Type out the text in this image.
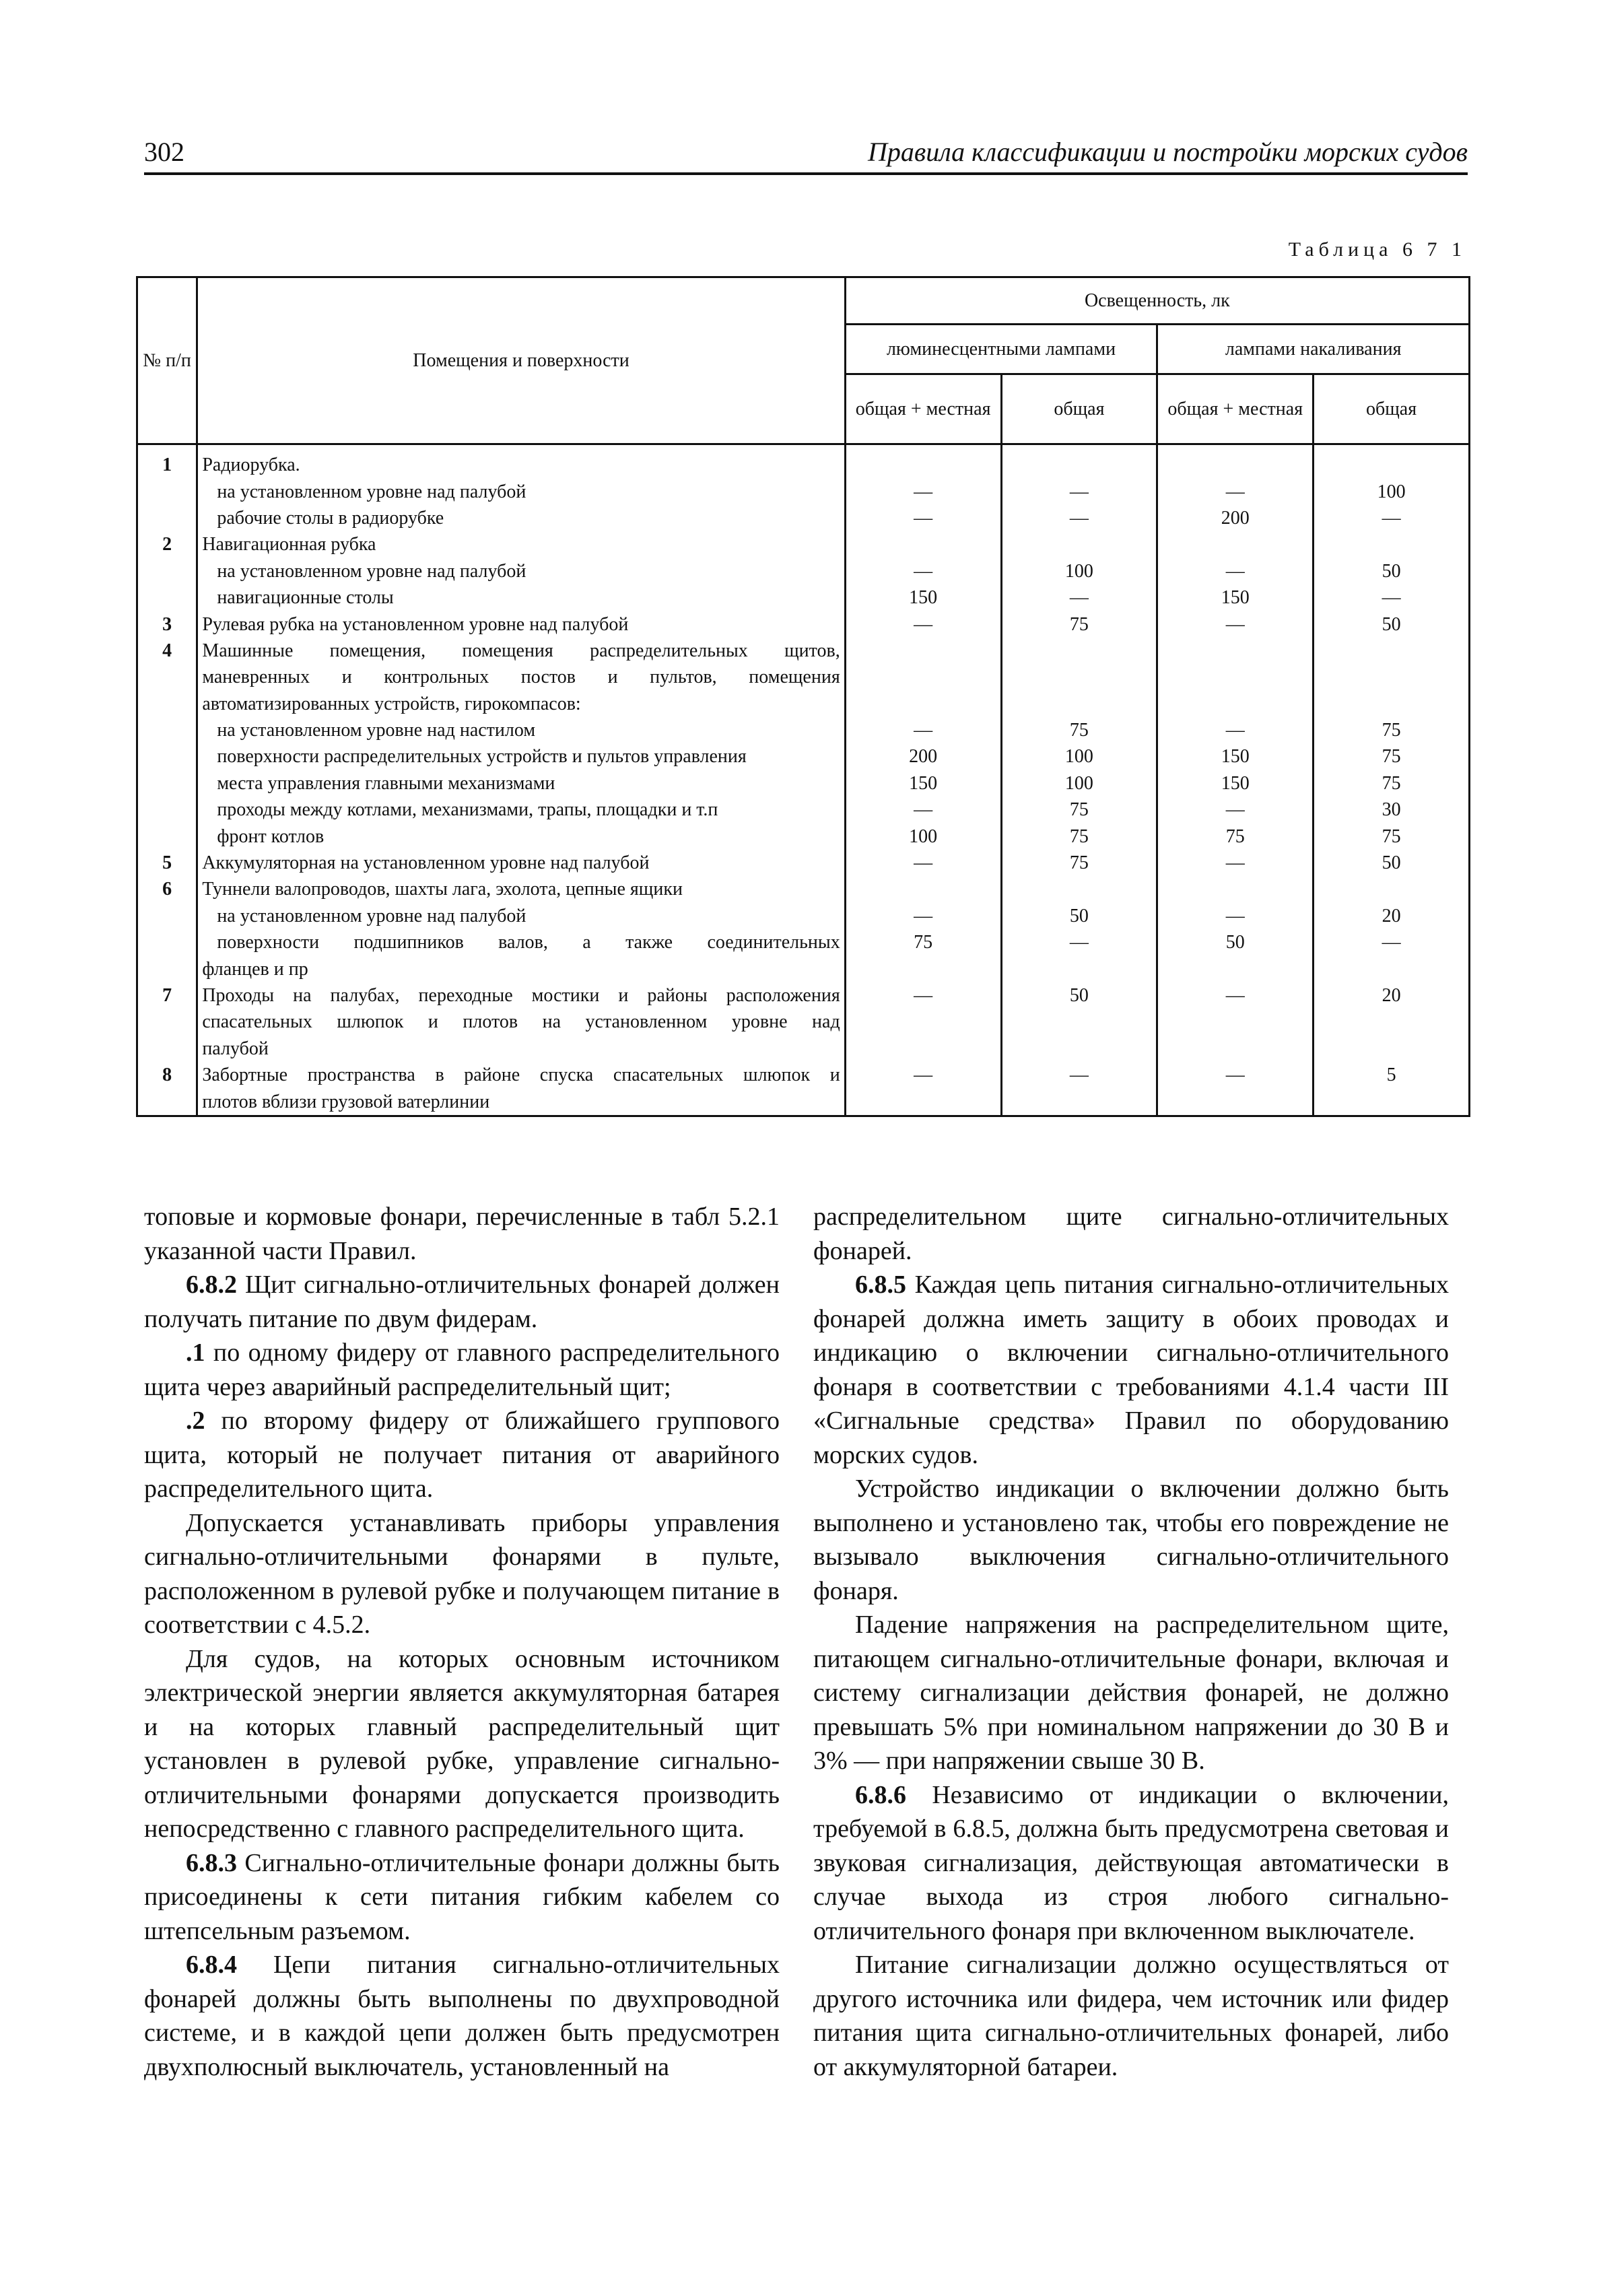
302	Правила классификации и постройки морских судов
Таблица 6 7 1
№ п/п	Помещения и поверхности	Освещенность, лк			
		люминесцентными лампами		лампами накаливания	
		общая + местная	общая	общая + местная	общая
1	Радиорубка.				
	на установленном уровне над палубой	—	—	—	100
	рабочие столы в радиорубке	—	—	200	—
2	Навигационная рубка				
	на установленном уровне над палубой	—	100	—	50
	навигационные столы	150	—	150	—
3	Рулевая рубка на установленном уровне над палубой	—	75	—	50
4	Машинные помещения, помещения распределительных щитов,				
	маневренных и контрольных постов и пультов, помещения				
	автоматизированных устройств, гирокомпасов:				
	на установленном уровне над настилом	—	75	—	75
	поверхности распределительных устройств и пультов управления	200	100	150	75
	места управления главными механизмами	150	100	150	75
	проходы между котлами, механизмами, трапы, площадки и т.п	—	75	—	30
	фронт котлов	100	75	75	75
5	Аккумуляторная на установленном уровне над палубой	—	75	—	50
6	Туннели валопроводов, шахты лага, эхолота, цепные ящики				
	на установленном уровне над палубой	—	50	—	20
	поверхности подшипников валов, а также соединительных	75	—	50	—
	фланцев и пр				
7	Проходы на палубах, переходные мостики и районы расположения	—	50	—	20
	спасательных шлюпок и плотов на установленном уровне над				
	палубой				
8	Забортные пространства в районе спуска спасательных шлюпок и	—	—	—	5
	плотов вблизи грузовой ватерлинии				

топовые и кормовые фонари, перечисленные в табл 5.2.1 указанной части Правил.

6.8.2 Щит сигнально-отличительных фонарей должен получать питание по двум фидерам.

.1 по одному фидеру от главного распределительного щита через аварийный распределительный щит;

.2 по второму фидеру от ближайшего группового щита, который не получает питания от аварийного распределительного щита.

Допускается устанавливать приборы управления сигнально-отличительными фонарями в пульте, расположенном в рулевой рубке и получающем питание в соответствии с 4.5.2.

Для судов, на которых основным источником электрической энергии является аккумуляторная батарея и на которых главный распределительный щит установлен в рулевой рубке, управление сигнально-отличительными фонарями допускается производить непосредственно с главного распределительного щита.

6.8.3 Сигнально-отличительные фонари должны быть присоединены к сети питания гибким кабелем со штепсельным разъемом.

6.8.4 Цепи питания сигнально-отличительных фонарей должны быть выполнены по двухпроводной системе, и в каждой цепи должен быть предусмотрен двухполюсный выключатель, установленный на

распределительном щите сигнально-отличительных фонарей.

6.8.5 Каждая цепь питания сигнально-отличительных фонарей должна иметь защиту в обоих проводах и индикацию о включении сигнально-отличительного фонаря в соответствии с требованиями 4.1.4 части III «Сигнальные средства» Правил по оборудованию морских судов.

Устройство индикации о включении должно быть выполнено и установлено так, чтобы его повреждение не вызывало выключения сигнально-отличительного фонаря.

Падение напряжения на распределительном щите, питающем сигнально-отличительные фонари, включая и систему сигнализации действия фонарей, не должно превышать 5% при номинальном напряжении до 30 В и 3% — при напряжении свыше 30 В.

6.8.6 Независимо от индикации о включении, требуемой в 6.8.5, должна быть предусмотрена световая и звуковая сигнализация, действующая автоматически в случае выхода из строя любого сигнально-отличительного фонаря при включенном выключателе.

Питание сигнализации должно осуществляться от другого источника или фидера, чем источник или фидер питания щита сигнально-отличительных фонарей, либо от аккумуляторной батареи.
